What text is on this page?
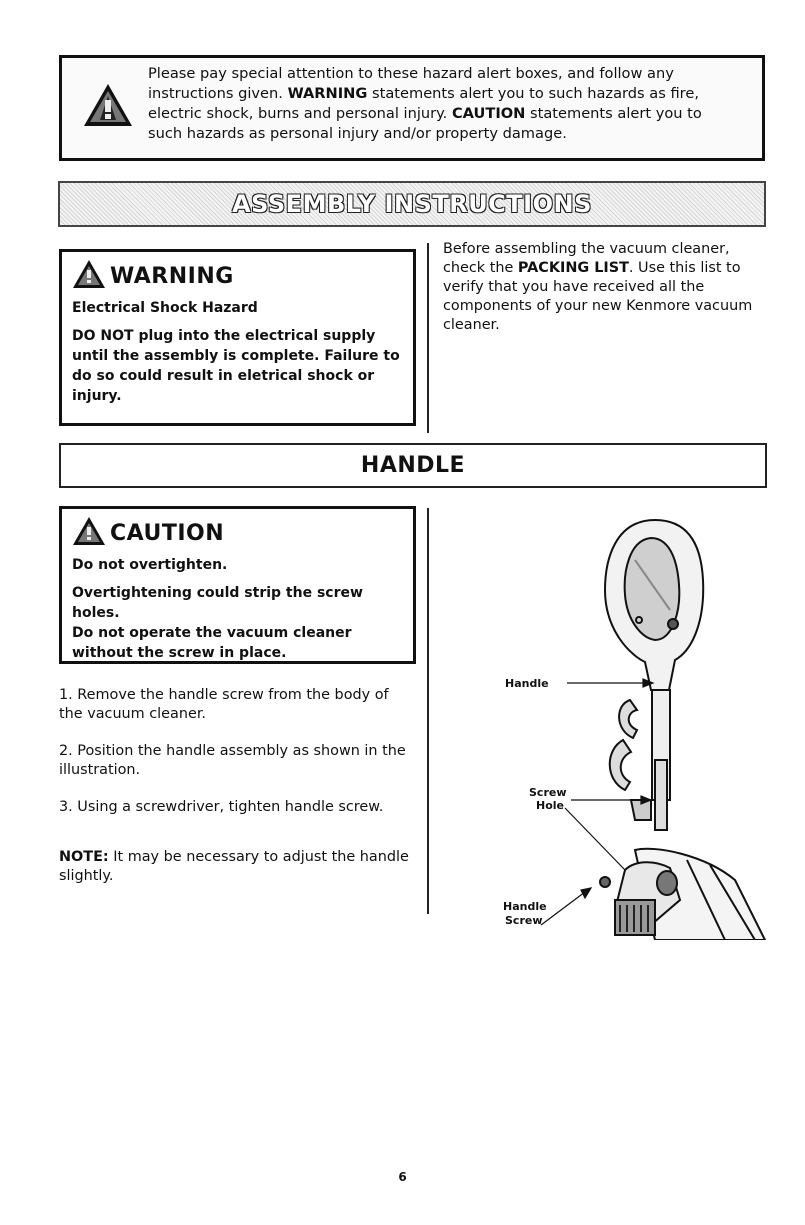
Please pay special attention to these hazard alert boxes, and follow any
instructions given. WARNING statements alert you to such hazards as fire,
electric shock, burns and personal injury. CAUTION statements alert you to
such hazards as personal injury and/or property damage.
ASSEMBLY INSTRUCTIONS
WARNING
Electrical Shock Hazard
DO NOT plug into the electrical supply until the assembly is complete. Failure to do so could result in eletrical shock or injury.
Before assembling the vacuum cleaner, check the PACKING LIST. Use this list to verify that you have received all the components of your new Kenmore vacuum cleaner.
HANDLE
CAUTION
Do not overtighten.
Overtightening could strip the screw holes.
Do not operate the vacuum cleaner without the screw in place.
1. Remove the handle screw from the body of the vacuum cleaner.
2. Position the handle assembly as shown in the illustration.
3. Using a screwdriver, tighten handle screw.
NOTE: It may be necessary to adjust the handle slightly.
Handle
Screw
Hole
Handle
Screw
6
